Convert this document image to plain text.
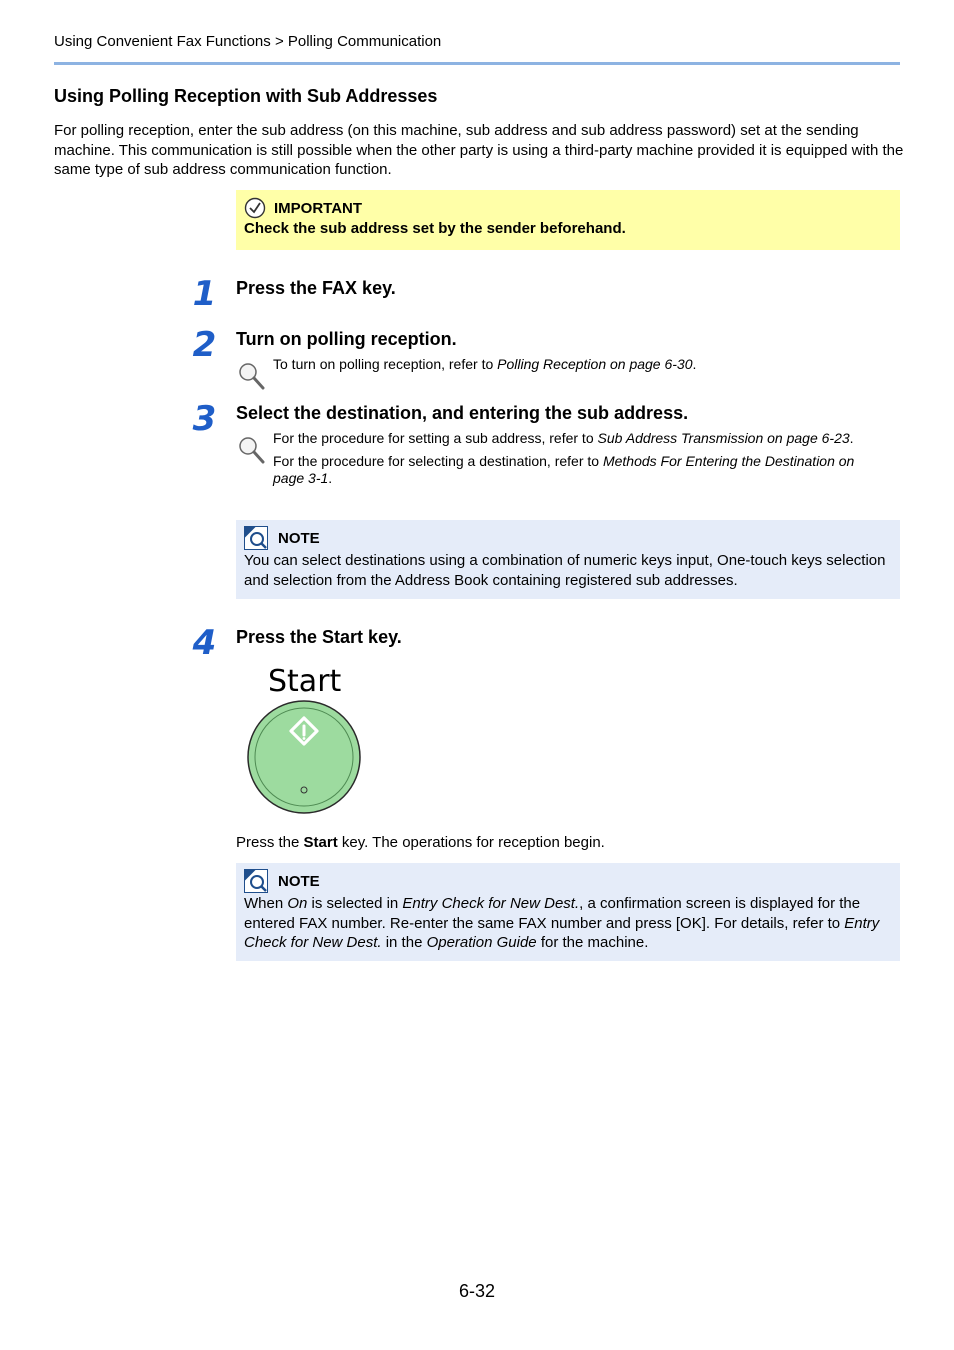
Using Convenient Fax Functions > Polling Communication
Using Polling Reception with Sub Addresses
For polling reception, enter the sub address (on this machine, sub address and sub address password) set at the sending machine. This communication is still possible when the other party is using a third-party machine provided it is equipped with the same type of sub address communication function.
IMPORTANT
Check the sub address set by the sender beforehand.
1	Press the FAX key.
2	Turn on polling reception.
To turn on polling reception, refer to Polling Reception on page 6-30.
3	Select the destination, and entering the sub address.
For the procedure for setting a sub address, refer to Sub Address Transmission on page 6-23.
For the procedure for selecting a destination, refer to Methods For Entering the Destination on page 3-1.
NOTE
You can select destinations using a combination of numeric keys input, One-touch keys selection and selection from the Address Book containing registered sub addresses.
4	Press the Start key.
Start
Press the Start key. The operations for reception begin.
NOTE
When On is selected in Entry Check for New Dest., a confirmation screen is displayed for the entered FAX number. Re-enter the same FAX number and press [OK]. For details, refer to Entry Check for New Dest. in the Operation Guide for the machine.
6-32
